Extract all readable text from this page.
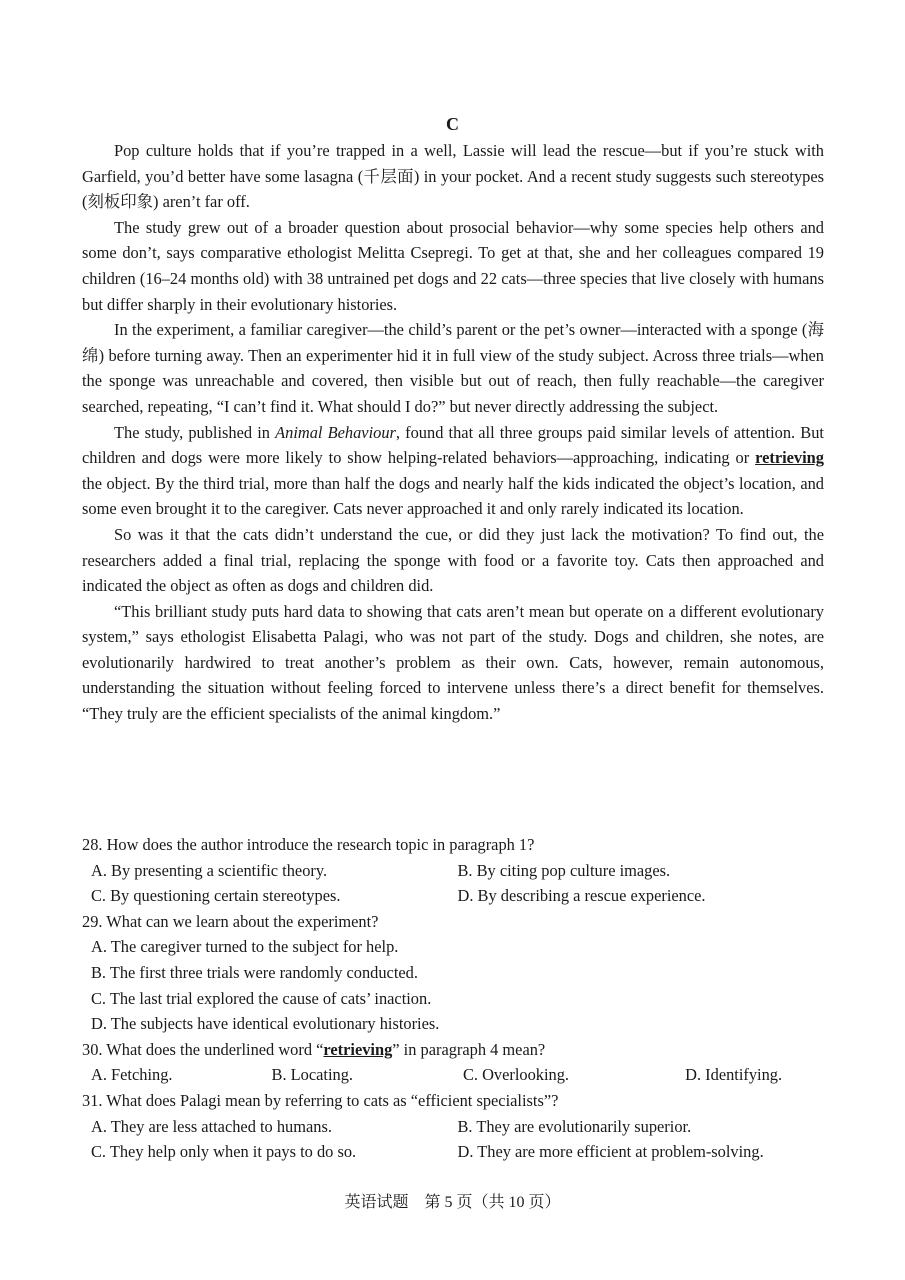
C

Pop culture holds that if you’re trapped in a well, Lassie will lead the rescue—but if you’re stuck with Garfield, you’d better have some lasagna (千层面) in your pocket. And a recent study suggests such stereotypes (刻板印象) aren’t far off.

The study grew out of a broader question about prosocial behavior—why some species help others and some don’t, says comparative ethologist Melitta Csepregi. To get at that, she and her colleagues compared 19 children (16–24 months old) with 38 untrained pet dogs and 22 cats—three species that live closely with humans but differ sharply in their evolutionary histories.

In the experiment, a familiar caregiver—the child’s parent or the pet’s owner—interacted with a sponge (海绵) before turning away. Then an experimenter hid it in full view of the study subject. Across three trials—when the sponge was unreachable and covered, then visible but out of reach, then fully reachable—the caregiver searched, repeating, “I can’t find it. What should I do?” but never directly addressing the subject.

The study, published in Animal Behaviour, found that all three groups paid similar levels of attention. But children and dogs were more likely to show helping-related behaviors—approaching, indicating or retrieving the object. By the third trial, more than half the dogs and nearly half the kids indicated the object’s location, and some even brought it to the caregiver. Cats never approached it and only rarely indicated its location.

So was it that the cats didn’t understand the cue, or did they just lack the motivation? To find out, the researchers added a final trial, replacing the sponge with food or a favorite toy. Cats then approached and indicated the object as often as dogs and children did.

“This brilliant study puts hard data to showing that cats aren’t mean but operate on a different evolutionary system,” says ethologist Elisabetta Palagi, who was not part of the study. Dogs and children, she notes, are evolutionarily hardwired to treat another’s problem as their own. Cats, however, remain autonomous, understanding the situation without feeling forced to intervene unless there’s a direct benefit for themselves. “They truly are the efficient specialists of the animal kingdom.”

28. How does the author introduce the research topic in paragraph 1?

A. By presenting a scientific theory.	B. By citing pop culture images.
C. By questioning certain stereotypes.	D. By describing a rescue experience.

29. What can we learn about the experiment?

A. The caregiver turned to the subject for help.
B. The first three trials were randomly conducted.
C. The last trial explored the cause of cats’ inaction.
D. The subjects have identical evolutionary histories.

30. What does the underlined word “retrieving” in paragraph 4 mean?

A. Fetching.	B. Locating.	C. Overlooking.	D. Identifying.

31. What does Palagi mean by referring to cats as “efficient specialists”?

A. They are less attached to humans.	B. They are evolutionarily superior.
C. They help only when it pays to do so.	D. They are more efficient at problem-solving.
英语试题　第 5 页（共 10 页）
